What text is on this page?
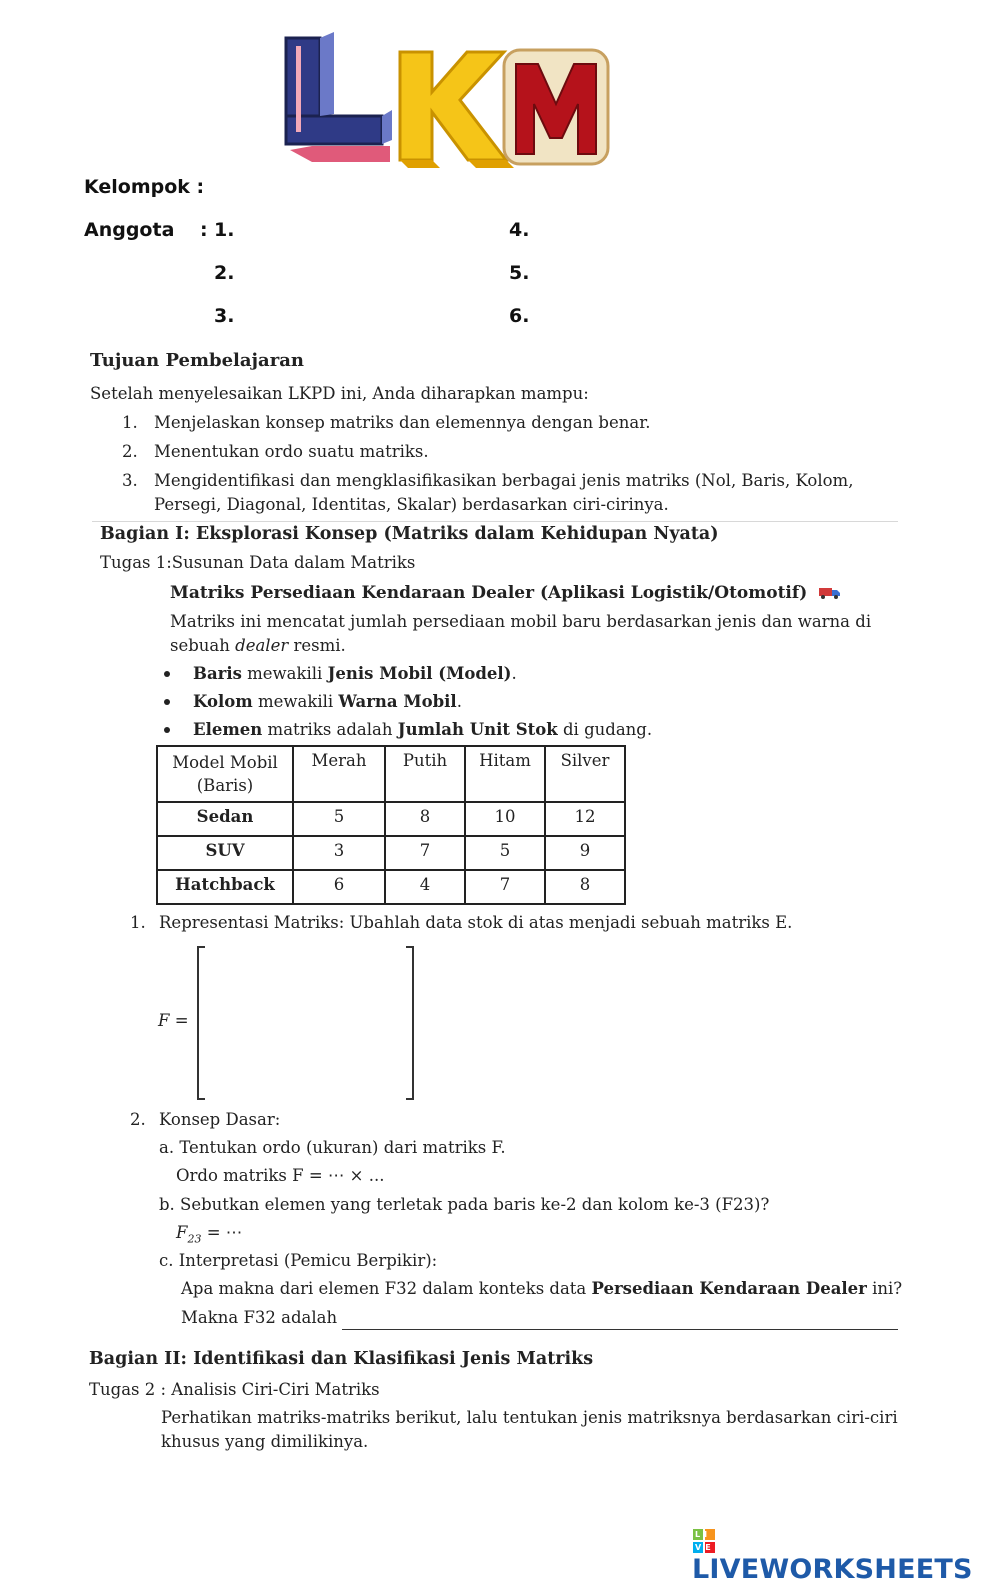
Kelompok :
Anggota : 1.
2.
3.
4.
5.
6.
Tujuan Pembelajaran
Setelah menyelesaikan LKPD ini, Anda diharapkan mampu:
1. Menjelaskan konsep matriks dan elemennya dengan benar.
2. Menentukan ordo suatu matriks.
3. Mengidentifikasi dan mengklasifikasikan berbagai jenis matriks (Nol, Baris, Kolom, Persegi, Diagonal, Identitas, Skalar) berdasarkan ciri-cirinya.
Bagian I: Eksplorasi Konsep (Matriks dalam Kehidupan Nyata)
Tugas 1:Susunan Data dalam Matriks
Matriks Persediaan Kendaraan Dealer (Aplikasi Logistik/Otomotif)
Matriks ini mencatat jumlah persediaan mobil baru berdasarkan jenis dan warna di sebuah dealer resmi.
Baris mewakili Jenis Mobil (Model).
Kolom mewakili Warna Mobil.
Elemen matriks adalah Jumlah Unit Stok di gudang.
Model Mobil (Baris)	Merah	Putih	Hitam	Silver
Sedan	5	8	10	12
SUV	3	7	5	9
Hatchback	6	4	7	8
1. Representasi Matriks: Ubahlah data stok di atas menjadi sebuah matriks E.
F =
2. Konsep Dasar:
a. Tentukan ordo (ukuran) dari matriks F.
Ordo matriks F = ⋯ × ...
b. Sebutkan elemen yang terletak pada baris ke-2 dan kolom ke-3 (F23)?
$F_{23}$ = ⋯
c. Interpretasi (Pemicu Berpikir):
Apa makna dari elemen F32 dalam konteks data Persediaan Kendaraan Dealer ini?
Makna F32 adalah
Bagian II: Identifikasi dan Klasifikasi Jenis Matriks
Tugas 2 : Analisis Ciri-Ciri Matriks
Perhatikan matriks-matriks berikut, lalu tentukan jenis matriksnya berdasarkan ciri-ciri khusus yang dimilikinya.
LIVE
LIVEWORKSHEETS
